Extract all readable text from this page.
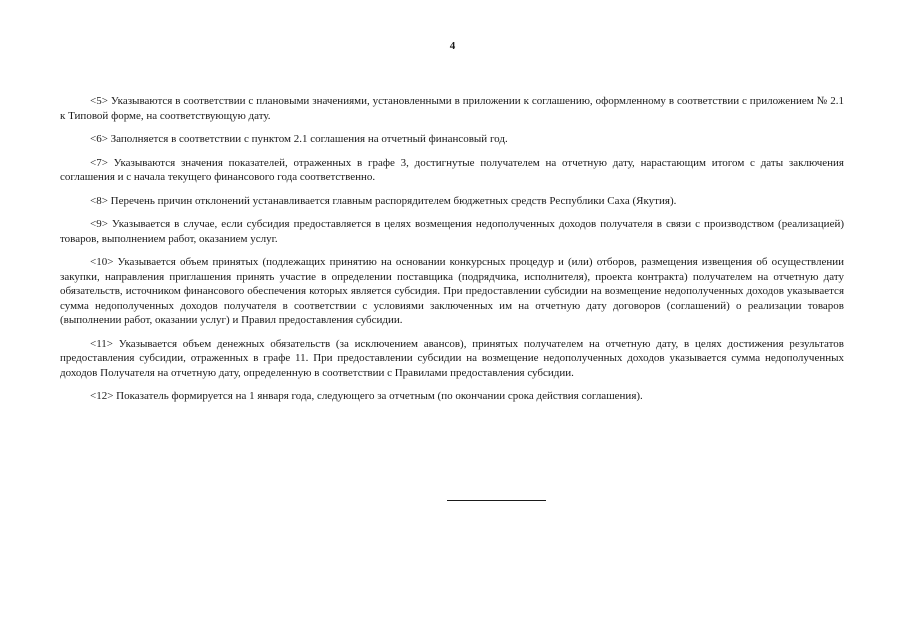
4

<5> Указываются в соответствии с плановыми значениями, установленными в приложении к соглашению, оформленному в соответствии с приложением № 2.1 к Типовой форме, на соответствующую дату.

<6> Заполняется в соответствии с пунктом 2.1 соглашения на отчетный финансовый год.

<7> Указываются значения показателей, отраженных в графе 3, достигнутые получателем на отчетную дату, нарастающим итогом с даты заключения соглашения и с начала текущего финансового года соответственно.

<8> Перечень причин отклонений устанавливается главным распорядителем бюджетных средств Республики Саха (Якутия).

<9> Указывается в случае, если субсидия предоставляется в целях возмещения недополученных доходов получателя в связи с производством (реализацией) товаров, выполнением работ, оказанием услуг.

<10> Указывается объем принятых (подлежащих принятию на основании конкурсных процедур и (или) отборов, размещения извещения об осуществлении закупки, направления приглашения принять участие в определении поставщика (подрядчика, исполнителя), проекта контракта) получателем на отчетную дату обязательств, источником финансового обеспечения которых является субсидия. При предоставлении субсидии на возмещение недополученных доходов указывается сумма недополученных доходов получателя в соответствии с условиями заключенных им на отчетную дату договоров (соглашений) о реализации товаров (выполнении работ, оказании услуг) и Правил предоставления субсидии.

<11> Указывается объем денежных обязательств (за исключением авансов), принятых получателем на отчетную дату, в целях достижения результатов предоставления субсидии, отраженных в графе 11. При предоставлении субсидии на возмещение недополученных доходов указывается сумма недополученных доходов Получателя на отчетную дату, определенную в соответствии с Правилами предоставления субсидии.

<12> Показатель формируется на 1 января года, следующего за отчетным (по окончании срока действия соглашения).
